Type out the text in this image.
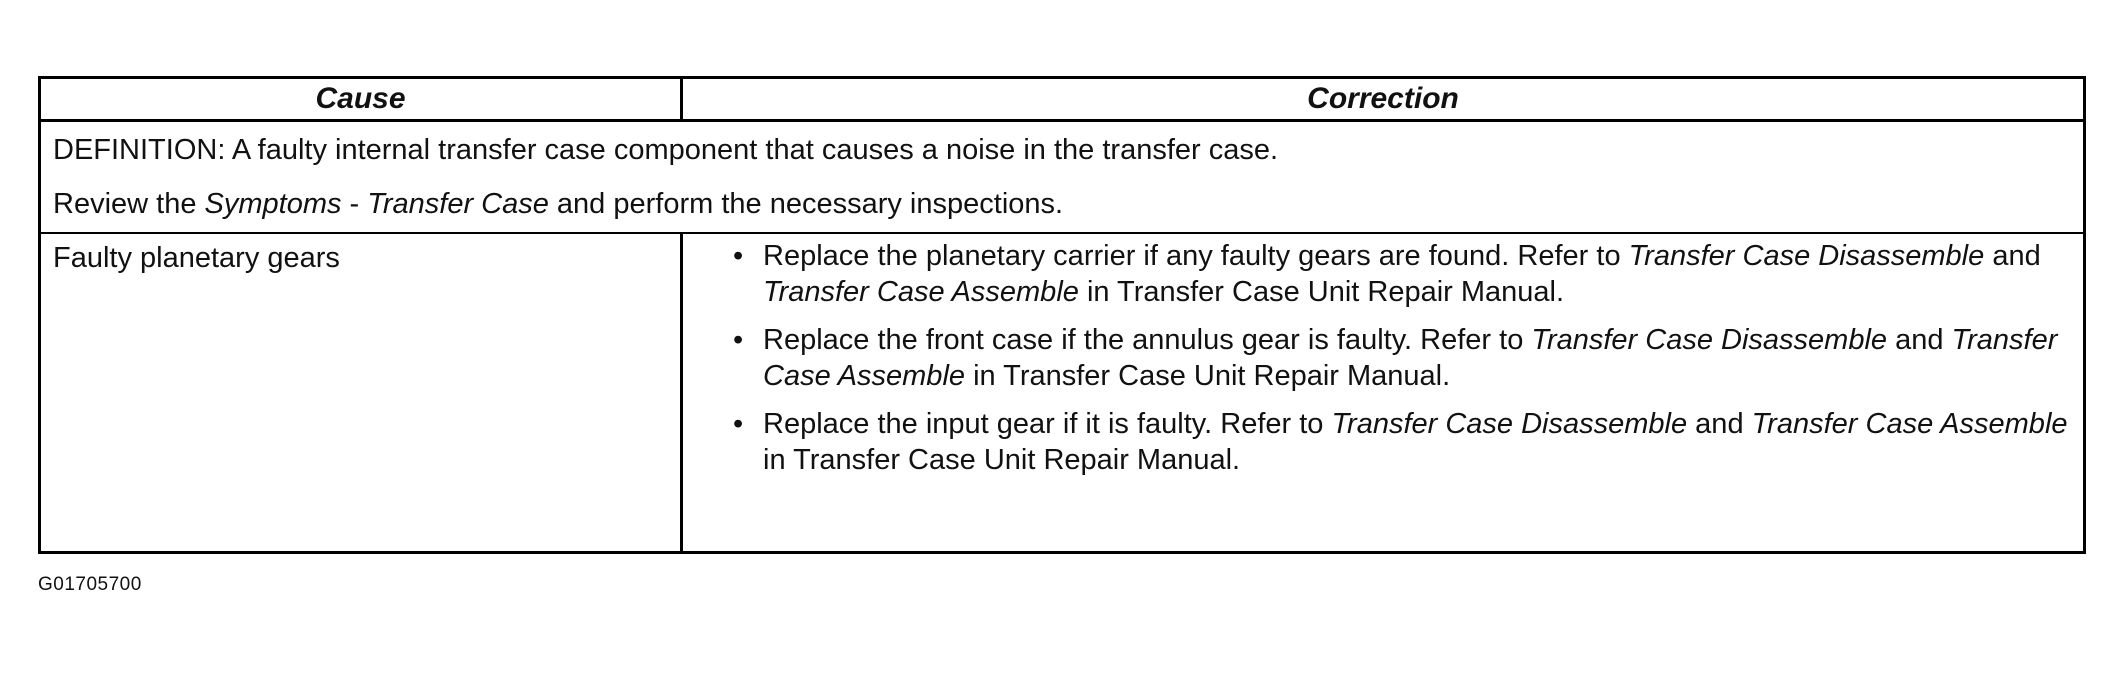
Cause	Correction
DEFINITION: A faulty internal transfer case component that causes a noise in the transfer case.
Review the Symptoms - Transfer Case and perform the necessary inspections.
Faulty planetary gears	• Replace the planetary carrier if any faulty gears are found. Refer to Transfer Case Disassemble and Transfer Case Assemble in Transfer Case Unit Repair Manual.
• Replace the front case if the annulus gear is faulty. Refer to Transfer Case Disassemble and Transfer Case Assemble in Transfer Case Unit Repair Manual.
• Replace the input gear if it is faulty. Refer to Transfer Case Disassemble and Transfer Case Assemble in Transfer Case Unit Repair Manual.
G01705700
